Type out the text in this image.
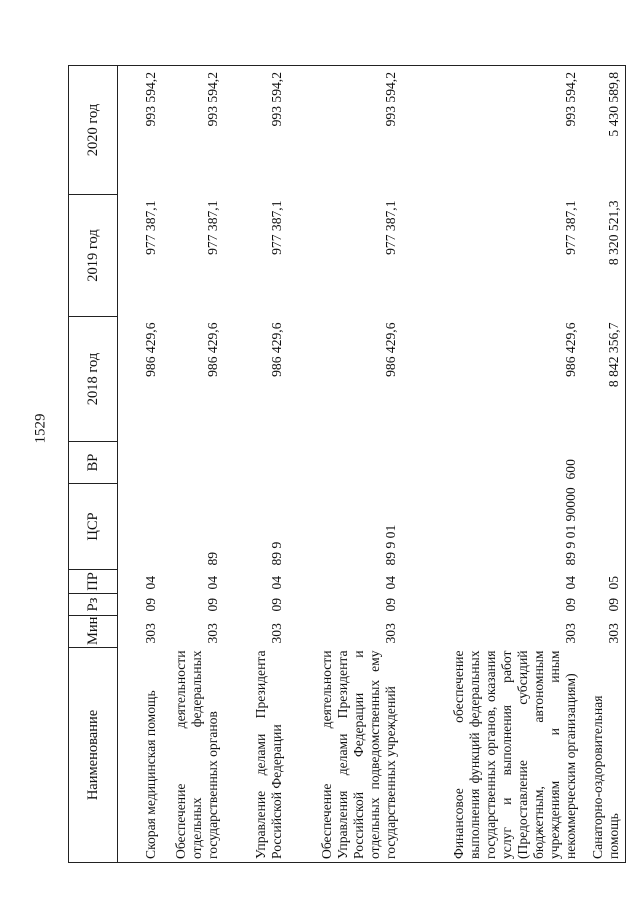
1529
Наименование	Мин	Рз	ПР	ЦСР	ВР	2018 год	2019 год	2020 год
Скорая медицинская помощь	303	09	04			986 429,6	977 387,1	993 594,2
Обеспечение деятельности отдельных федеральных государственных органов	303	09	04	89		986 429,6	977 387,1	993 594,2
Управление делами Президента Российской Федерации	303	09	04	89 9		986 429,6	977 387,1	993 594,2
Обеспечение деятельности Управления делами Президента Российской Федерации и отдельных подведомственных ему государственных учреждений	303	09	04	89 9 01		986 429,6	977 387,1	993 594,2
Финансовое обеспечение выполнения функций федеральных государственных органов, оказания услуг и выполнения работ (Предоставление субсидий бюджетным, автономным учреждениям и иным некоммерческим организациям)	303	09	04	89 9 01 90000	600	986 429,6	977 387,1	993 594,2
Санаторно-оздоровительная помощь	303	09	05			8 842 356,7	8 320 521,3	5 430 589,8
